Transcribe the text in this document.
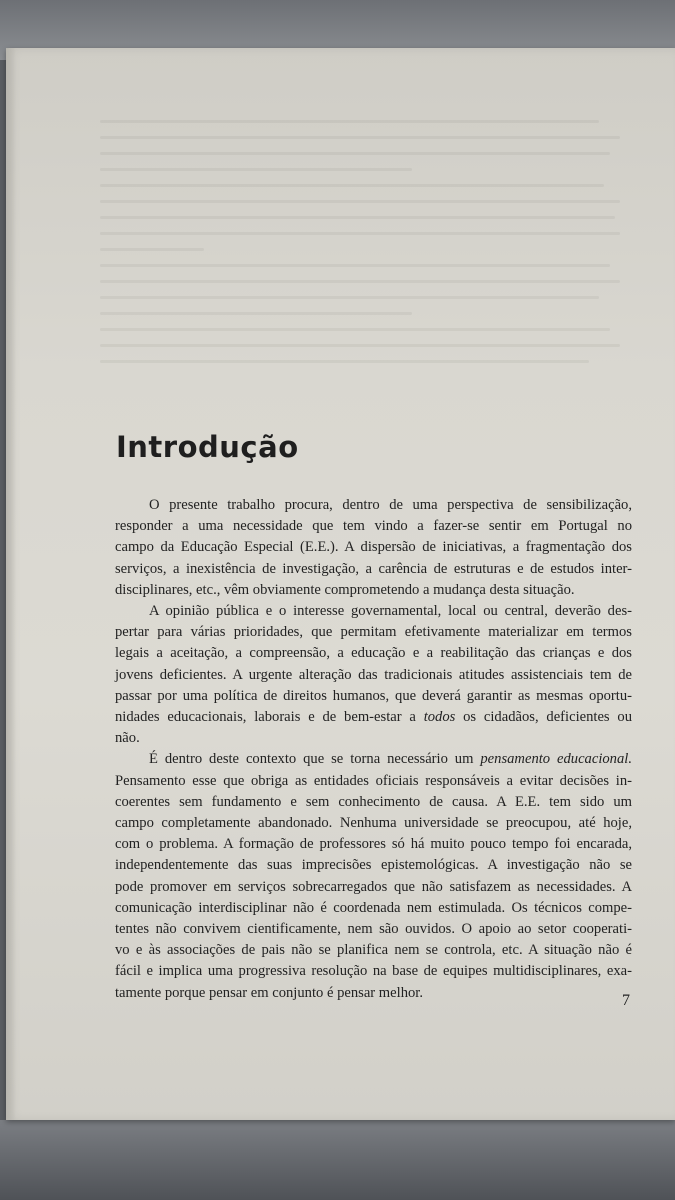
Introdução

O presente trabalho procura, dentro de uma perspectiva de sensibilização,
responder a uma necessidade que tem vindo a fazer-se sentir em Portugal no
campo da Educação Especial (E.E.). A dispersão de iniciativas, a fragmentação dos
serviços, a inexistência de investigação, a carência de estruturas e de estudos inter-
disciplinares, etc., vêm obviamente comprometendo a mudança desta situação.

A opinião pública e o interesse governamental, local ou central, deverão des-
pertar para várias prioridades, que permitam efetivamente materializar em termos
legais a aceitação, a compreensão, a educação e a reabilitação das crianças e dos
jovens deficientes. A urgente alteração das tradicionais atitudes assistenciais tem de
passar por uma política de direitos humanos, que deverá garantir as mesmas oportu-
nidades educacionais, laborais e de bem-estar a todos os cidadãos, deficientes ou
não.

É dentro deste contexto que se torna necessário um pensamento educacional.
Pensamento esse que obriga as entidades oficiais responsáveis a evitar decisões in-
coerentes sem fundamento e sem conhecimento de causa. A E.E. tem sido um
campo completamente abandonado. Nenhuma universidade se preocupou, até hoje,
com o problema. A formação de professores só há muito pouco tempo foi encarada,
independentemente das suas imprecisões epistemológicas. A investigação não se
pode promover em serviços sobrecarregados que não satisfazem as necessidades. A
comunicação interdisciplinar não é coordenada nem estimulada. Os técnicos compe-
tentes não convivem cientificamente, nem são ouvidos. O apoio ao setor cooperati-
vo e às associações de pais não se planifica nem se controla, etc. A situação não é
fácil e implica uma progressiva resolução na base de equipes multidisciplinares, exa-
tamente porque pensar em conjunto é pensar melhor.	7
